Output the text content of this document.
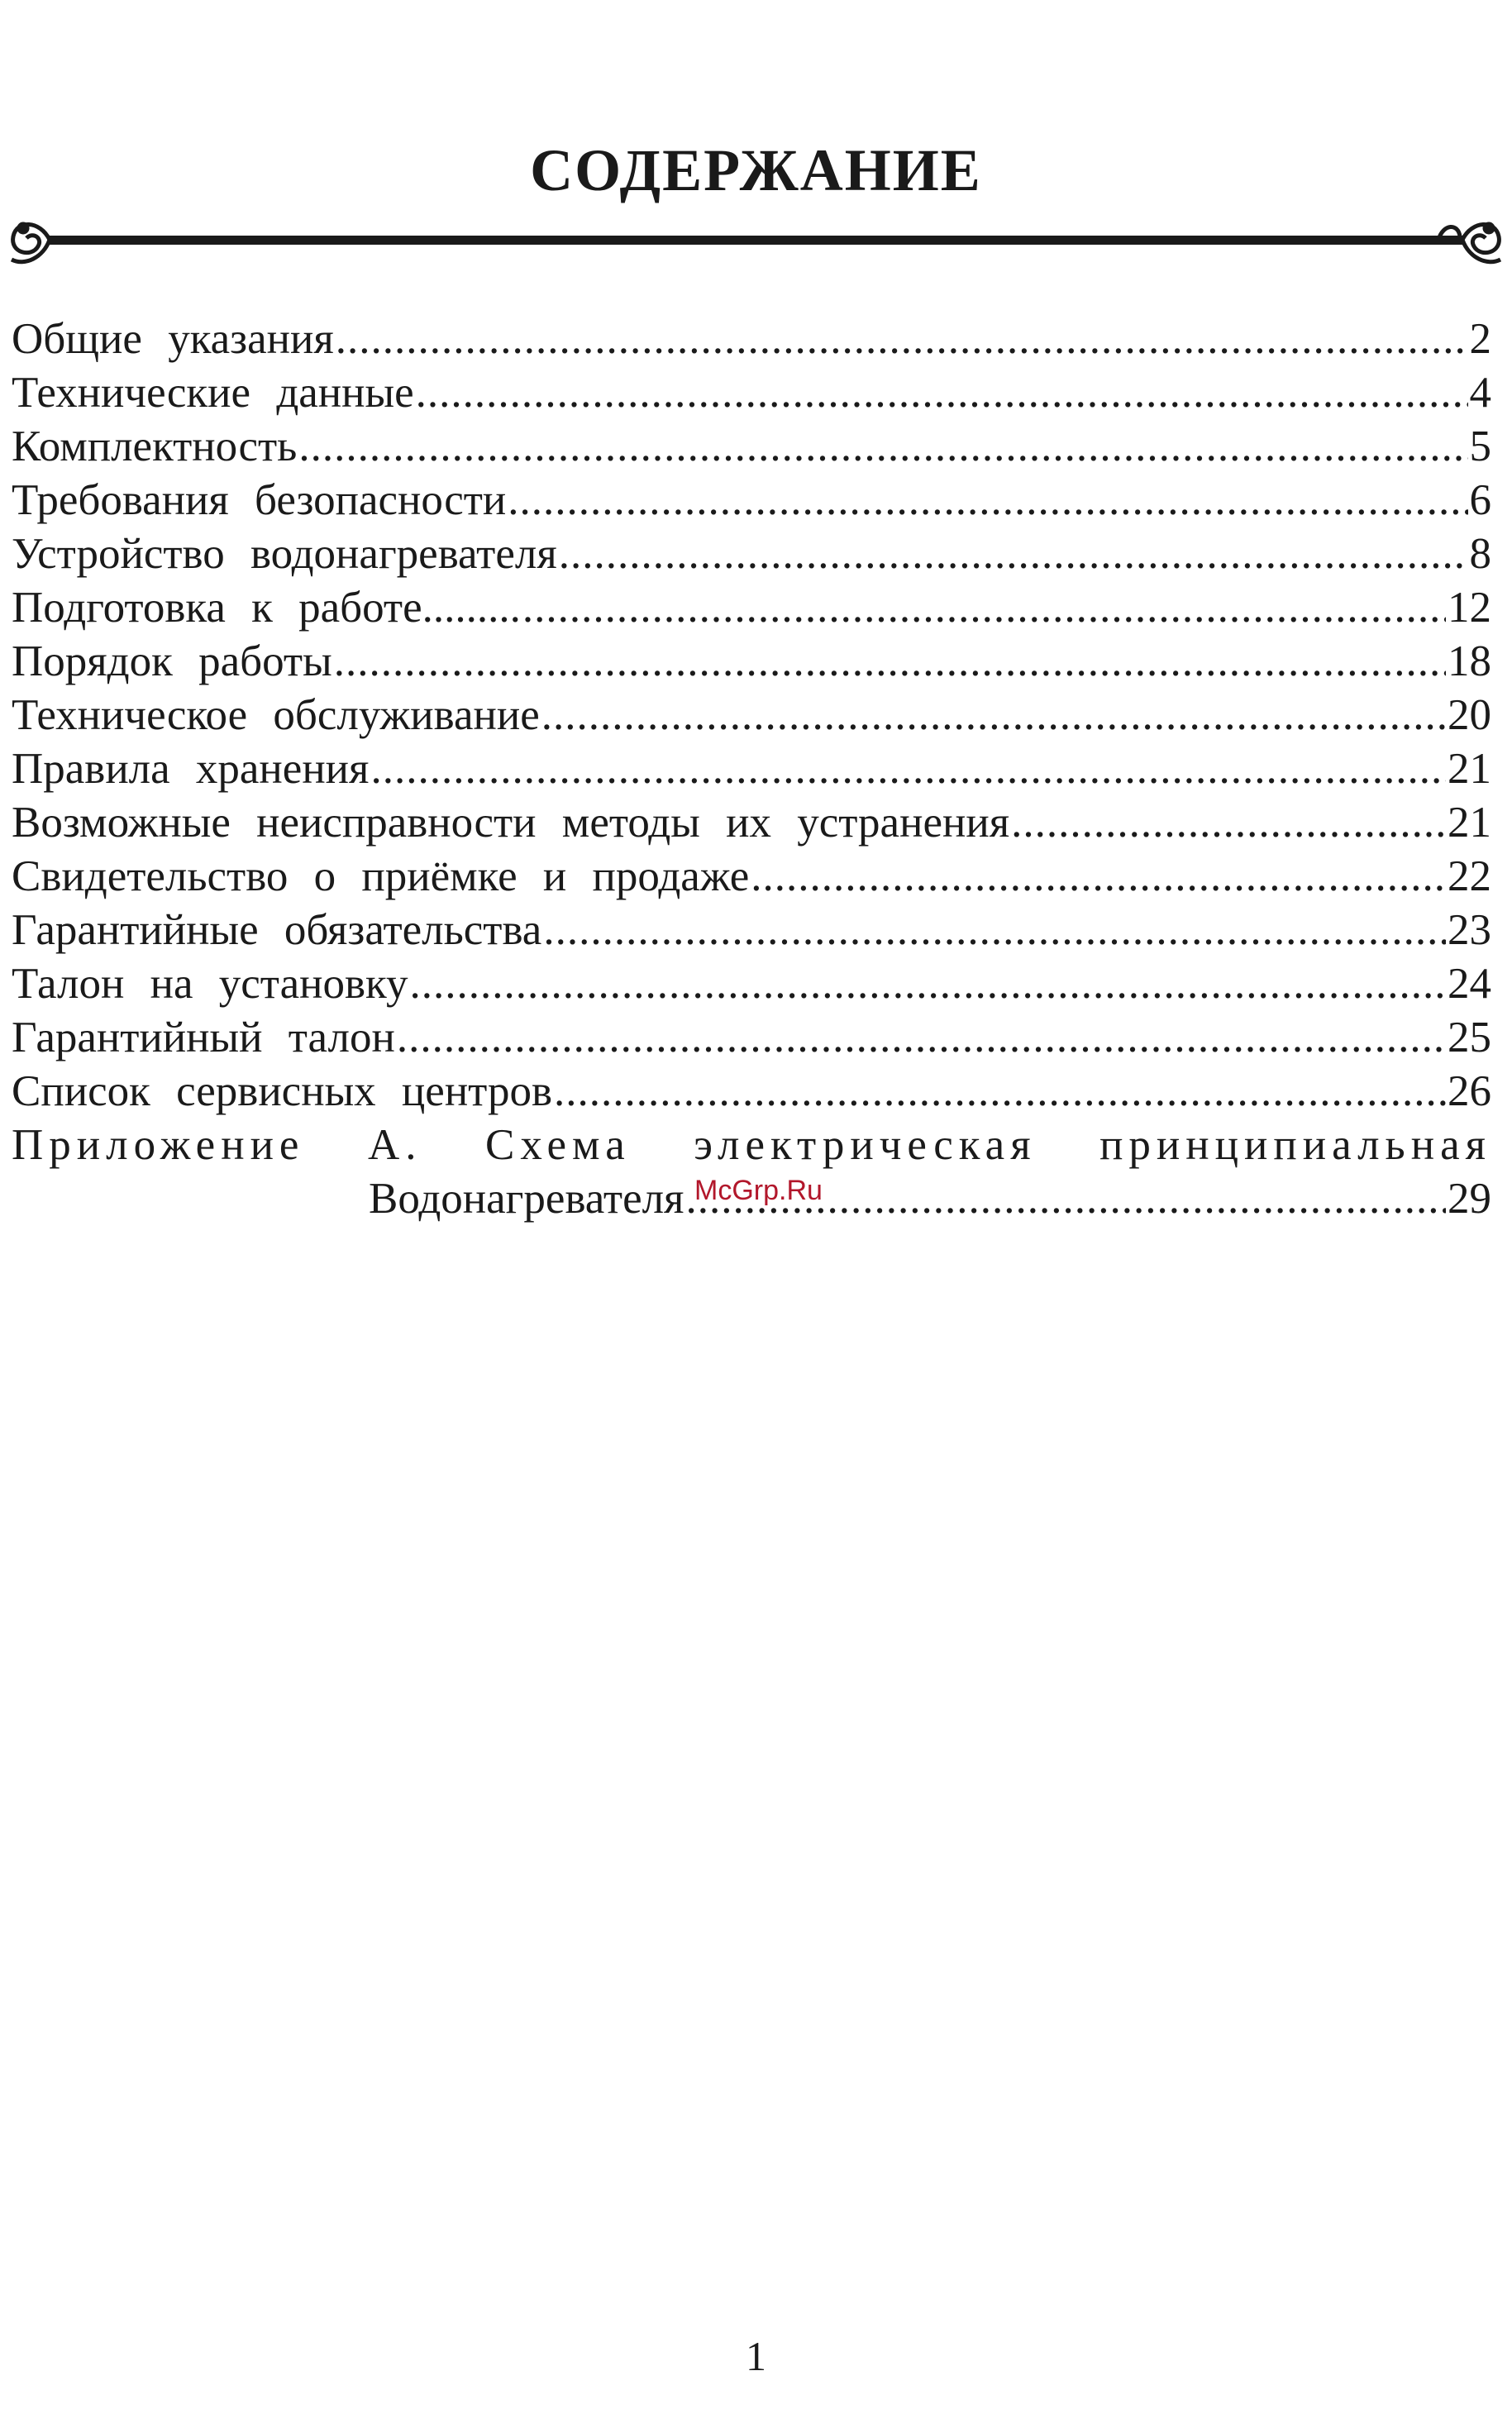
СОДЕРЖАНИЕ
Общие указания .....	2
Технические данные .....	4
Комплектность .....	5
Требования безопасности .....	6
Устройство водонагревателя .....	8
Подготовка к работе......... .....	12
Порядок работы .....	18
Техническое обслуживание .....	20
Правила хранения .....	21
Возможные неисправности методы их устранения .....	21
Свидетельство о приёмке и продаже .....	22
Гарантийные обязательства .....	23
Талон на установку .....	24
Гарантийный талон .....	25
Список сервисных центров .....	26
Приложение А. Схема электрическая принципиальная
Водонагревателя .....	29
McGrp.Ru
1
